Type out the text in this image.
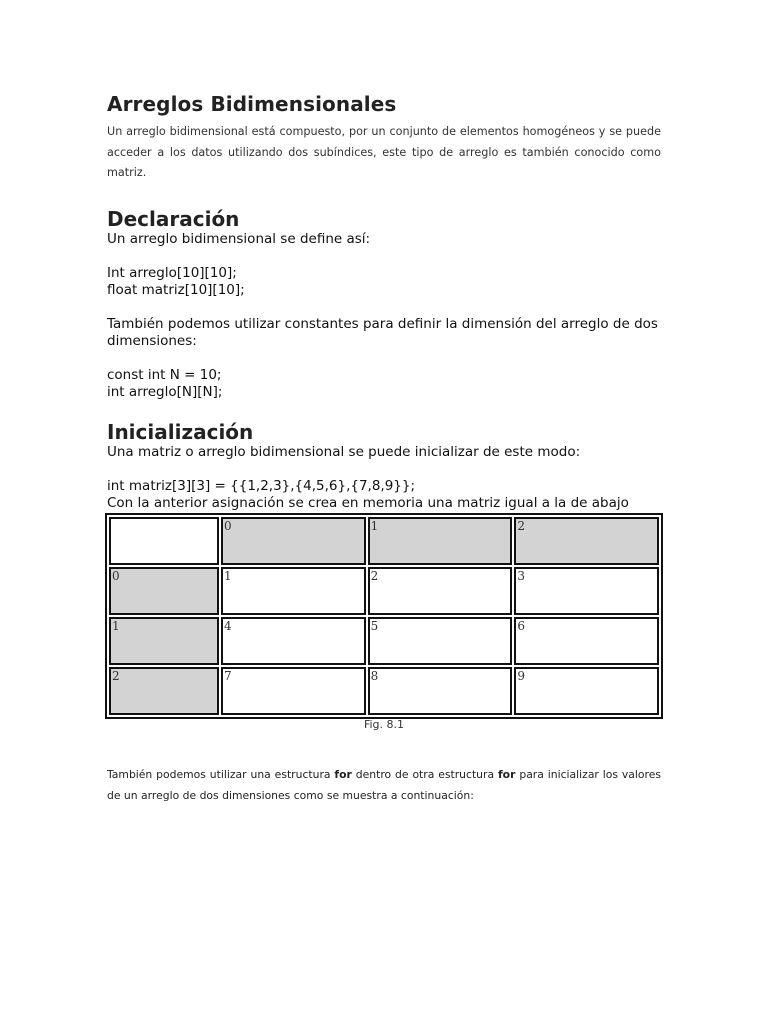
Arreglos Bidimensionales

Un arreglo bidimensional está compuesto, por un conjunto de elementos homogéneos y se puede acceder a los datos utilizando dos subíndices, este tipo de arreglo es también conocido como matriz.

Declaración
Un arreglo bidimensional se define así:
Int arreglo[10][10];
float matriz[10][10];
También podemos utilizar constantes para definir la dimensión del arreglo de dos dimensiones:
const int N = 10;
int arreglo[N][N];
Inicialización
Una matriz o arreglo bidimensional se puede inicializar de este modo:
int matriz[3][3] = {{1,2,3},{4,5,6},{7,8,9}};
Con la anterior asignación se crea en memoria una matriz igual a la de abajo
	0	1	2
0	1	2	3
1	4	5	6
2	7	8	9
Fig. 8.1
También podemos utilizar una estructura for dentro de otra estructura for para inicializar los valores de un arreglo de dos dimensiones como se muestra a continuación:
